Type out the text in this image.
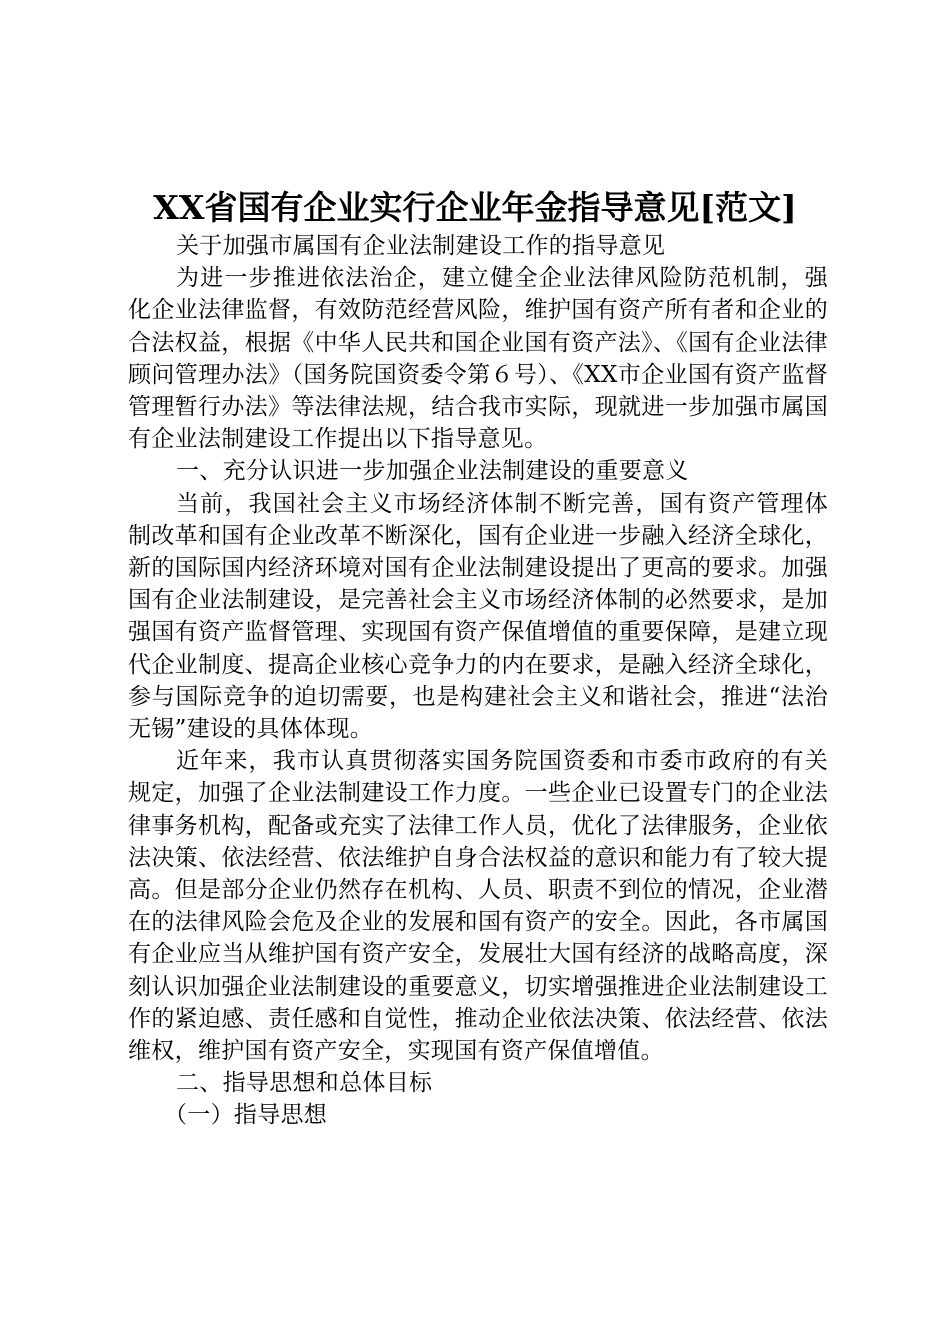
XX省国有企业实行企业年金指导意见[范文]

关于加强市属国有企业法制建设工作的指导意见

为进一步推进依法治企，建立健全企业法律风险防范机制，强化企业法律监督，有效防范经营风险，维护国有资产所有者和企业的合法权益，根据《中华人民共和国企业国有资产法》、《国有企业法律顾问管理办法》（国务院国资委令第６号）、《XX市企业国有资产监督管理暂行办法》等法律法规，结合我市实际，现就进一步加强市属国有企业法制建设工作提出以下指导意见。

一、充分认识进一步加强企业法制建设的重要意义

当前，我国社会主义市场经济体制不断完善，国有资产管理体制改革和国有企业改革不断深化，国有企业进一步融入经济全球化，新的国际国内经济环境对国有企业法制建设提出了更高的要求。加强国有企业法制建设，是完善社会主义市场经济体制的必然要求，是加强国有资产监督管理、实现国有资产保值增值的重要保障，是建立现代企业制度、提高企业核心竞争力的内在要求，是融入经济全球化，参与国际竞争的迫切需要，也是构建社会主义和谐社会，推进“法治无锡”建设的具体体现。

近年来，我市认真贯彻落实国务院国资委和市委市政府的有关规定，加强了企业法制建设工作力度。一些企业已设置专门的企业法律事务机构，配备或充实了法律工作人员，优化了法律服务，企业依法决策、依法经营、依法维护自身合法权益的意识和能力有了较大提高。但是部分企业仍然存在机构、人员、职责不到位的情况，企业潜在的法律风险会危及企业的发展和国有资产的安全。因此，各市属国有企业应当从维护国有资产安全，发展壮大国有经济的战略高度，深刻认识加强企业法制建设的重要意义，切实增强推进企业法制建设工作的紧迫感、责任感和自觉性，推动企业依法决策、依法经营、依法维权，维护国有资产安全，实现国有资产保值增值。

二、指导思想和总体目标

（一）指导思想
